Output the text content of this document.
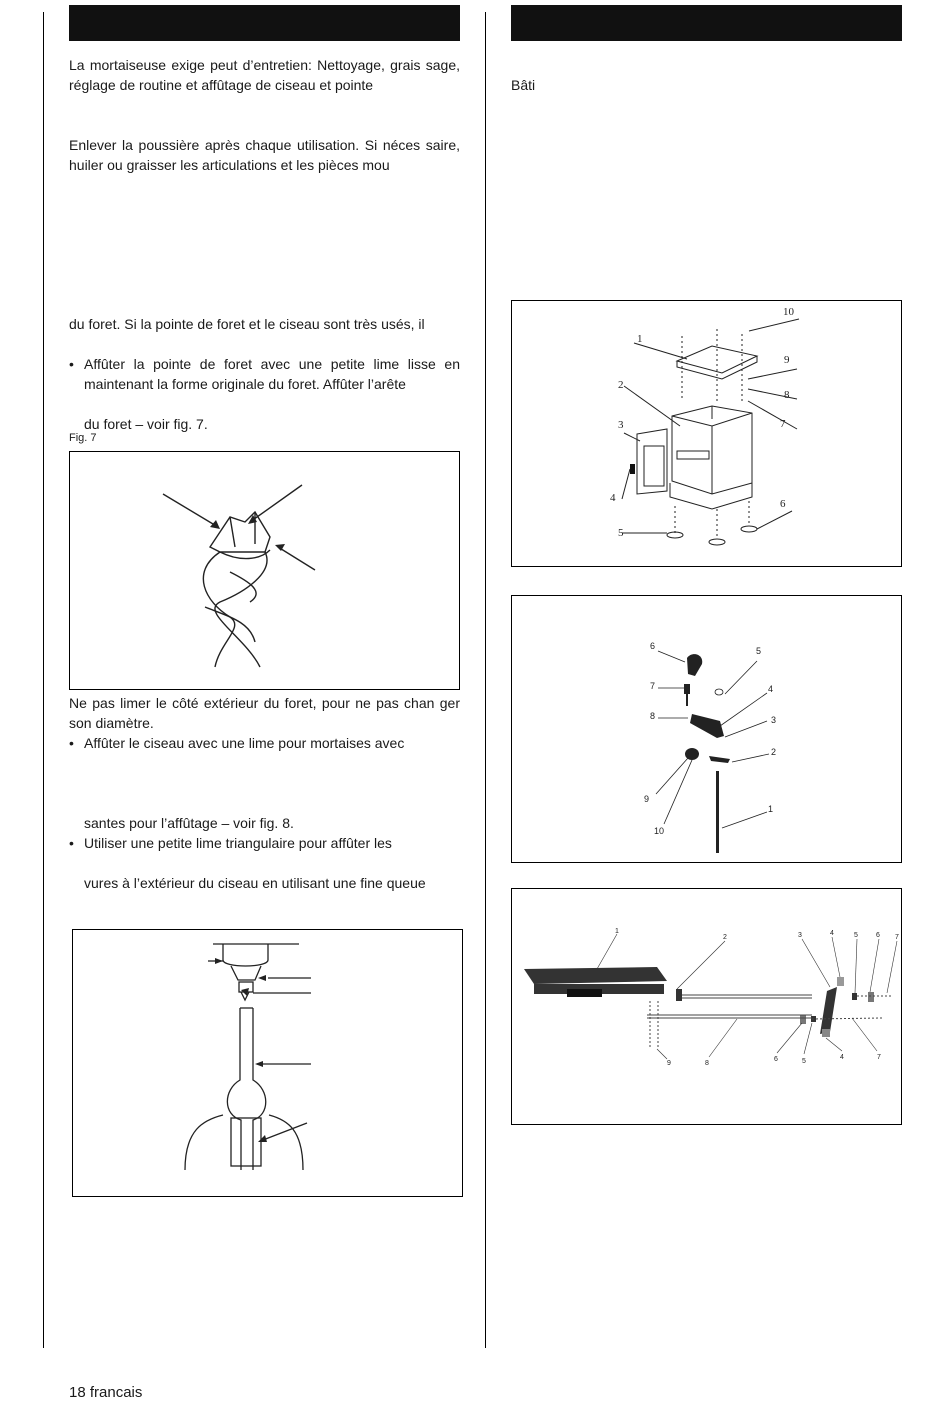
La mortaiseuse exige peut d’entretien: Nettoyage, grais sage, réglage de routine et affûtage de ciseau et pointe
Enlever la poussière après chaque utilisation. Si néces saire, huiler ou graisser les articulations et les pièces mou
du foret. Si la pointe de foret et le ciseau sont très usés, il
• Affûter la pointe de foret avec une petite lime lisse en maintenant la forme originale du foret. Affûter l’arête
du foret – voir fig. 7.
Fig. 7
Ne pas limer le côté extérieur du foret, pour ne pas chan ger son diamètre.
• Affûter le ciseau avec une lime pour mortaises avec
santes pour l’affûtage – voir fig. 8.
• Utiliser une petite lime triangulaire pour affûter les
vures à l’extérieur du ciseau en utilisant une fine queue
Bâti
1
2
3
4
5
6
7
8
9
10
6
7
8
5
4
3
2
1
9
10
1
2	3	4	5	6 7
8
9
6	5
4	7
18 francais
